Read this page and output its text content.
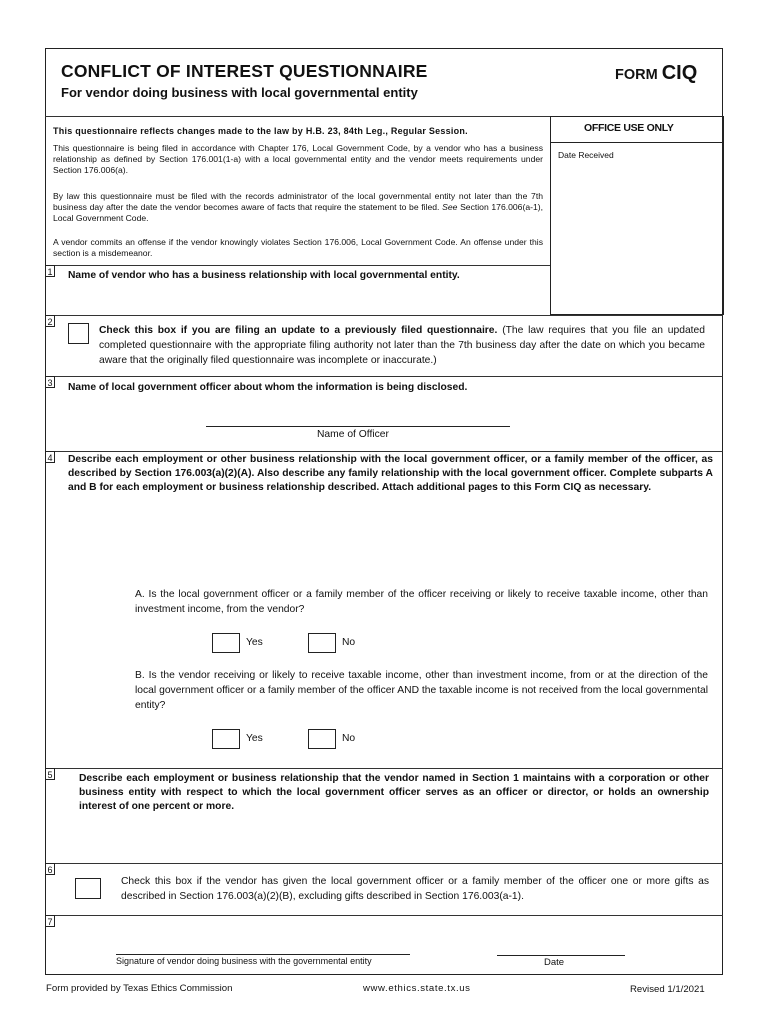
CONFLICT OF INTEREST QUESTIONNAIRE
For vendor doing business with local governmental entity
FORM CIQ
OFFICE USE ONLY
Date Received
This questionnaire reflects changes made to the law by H.B. 23, 84th Leg., Regular Session.
This questionnaire is being filed in accordance with Chapter 176, Local Government Code, by a vendor who has a business relationship as defined by Section 176.001(1-a) with a local governmental entity and the vendor meets requirements under Section 176.006(a).
By law this questionnaire must be filed with the records administrator of the local governmental entity not later than the 7th business day after the date the vendor becomes aware of facts that require the statement to be filed. See Section 176.006(a-1), Local Government Code.
A vendor commits an offense if the vendor knowingly violates Section 176.006, Local Government Code. An offense under this section is a misdemeanor.
1 Name of vendor who has a business relationship with local governmental entity.
2
Check this box if you are filing an update to a previously filed questionnaire. (The law requires that you file an updated completed questionnaire with the appropriate filing authority not later than the 7th business day after the date on which you became aware that the originally filed questionnaire was incomplete or inaccurate.)
3 Name of local government officer about whom the information is being disclosed.
Name of Officer
4 Describe each employment or other business relationship with the local government officer, or a family member of the officer, as described by Section 176.003(a)(2)(A). Also describe any family relationship with the local government officer. Complete subparts A and B for each employment or business relationship described. Attach additional pages to this Form CIQ as necessary.
A. Is the local government officer or a family member of the officer receiving or likely to receive taxable income, other than investment income, from the vendor?
Yes	No
B. Is the vendor receiving or likely to receive taxable income, other than investment income, from or at the direction of the local government officer or a family member of the officer AND the taxable income is not received from the local governmental entity?
Yes	No
5	Describe each employment or business relationship that the vendor named in Section 1 maintains with a corporation or other business entity with respect to which the local government officer serves as an officer or director, or holds an ownership interest of one percent or more.
6
Check this box if the vendor has given the local government officer or a family member of the officer one or more gifts as described in Section 176.003(a)(2)(B), excluding gifts described in Section 176.003(a-1).
7
Signature of vendor doing business with the governmental entity	Date
Form provided by Texas Ethics Commission	www.ethics.state.tx.us	Revised 1/1/2021
